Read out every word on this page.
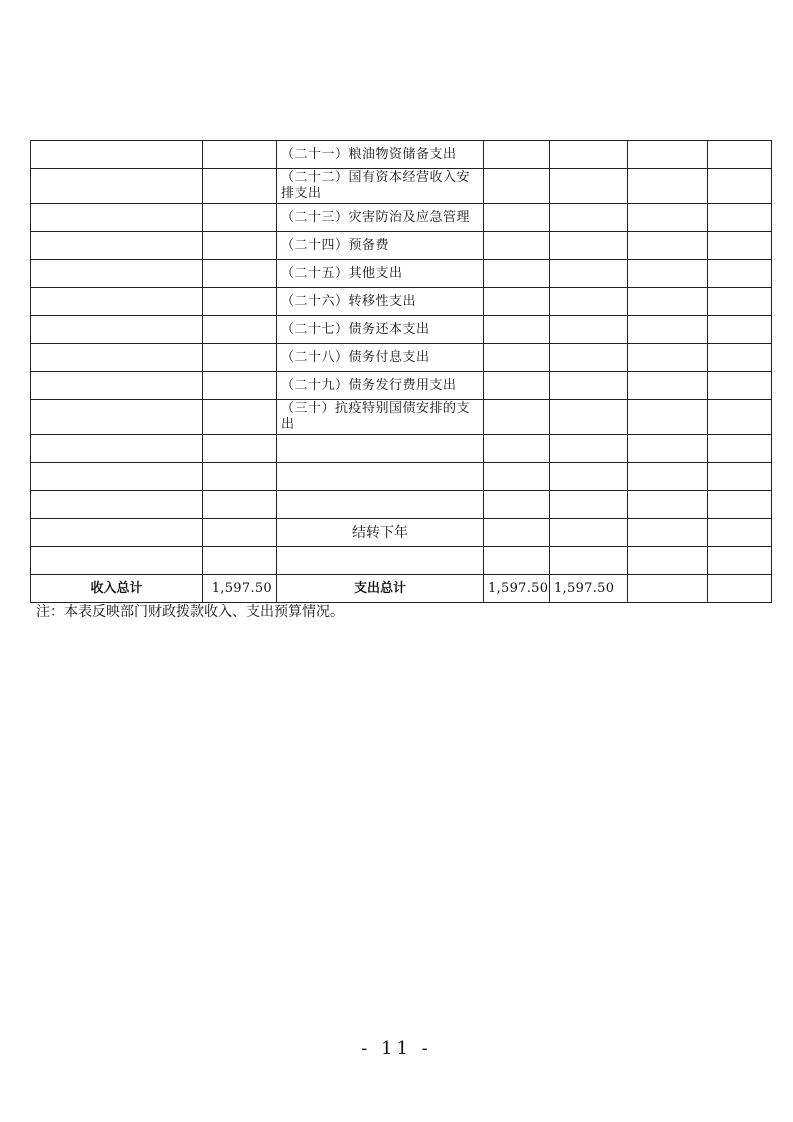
		（二十一）粮油物资储备支出				
		（二十二）国有资本经营收入安排支出				
		（二十三）灾害防治及应急管理				
		（二十四）预备费				
		（二十五）其他支出				
		（二十六）转移性支出				
		（二十七）债务还本支出				
		（二十八）债务付息支出				
		（二十九）债务发行费用支出				
		（三十）抗疫特别国债安排的支出				

		结转下年				

收入总计	1,597.50	支出总计	1,597.50	1,597.50		
注：本表反映部门财政拨款收入、支出预算情况。
- 11 -
